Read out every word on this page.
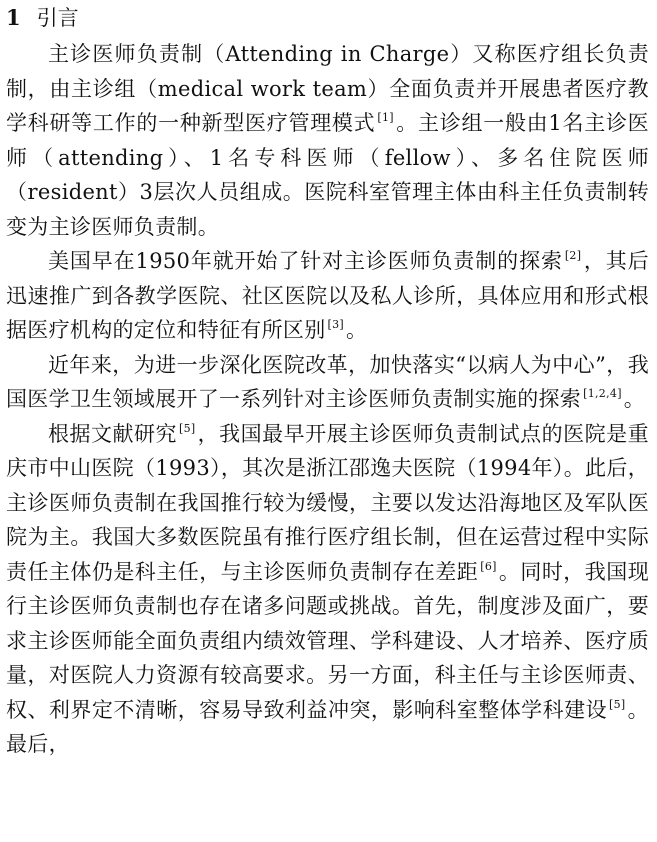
1 引言

主诊医师负责制（Attending in Charge）又称医疗组长负责制，由主诊组（medical work team）全面负责并开展患者医疗教学科研等工作的一种新型医疗管理模式 [1]。主诊组一般由1名主诊医师（attending）、1名专科医师（fellow）、多名住院医师（resident）3层次人员组成。医院科室管理主体由科主任负责制转变为主诊医师负责制。

美国早在1950年就开始了针对主诊医师负责制的探索 [2]，其后迅速推广到各教学医院、社区医院以及私人诊所，具体应用和形式根据医疗机构的定位和特征有所区别 [3]。

近年来，为进一步深化医院改革，加快落实“以病人为中心”，我国医学卫生领域展开了一系列针对主诊医师负责制实施的探索 [1,2,4]。

根据文献研究 [5]，我国最早开展主诊医师负责制试点的医院是重庆市中山医院（1993），其次是浙江邵逸夫医院（1994年）。此后，主诊医师负责制在我国推行较为缓慢，主要以发达沿海地区及军队医院为主。我国大多数医院虽有推行医疗组长制，但在运营过程中实际责任主体仍是科主任，与主诊医师负责制存在差距 [6]。同时，我国现行主诊医师负责制也存在诸多问题或挑战。首先，制度涉及面广，要求主诊医师能全面负责组内绩效管理、学科建设、人才培养、医疗质量，对医院人力资源有较高要求。另一方面，科主任与主诊医师责、权、利界定不清晰，容易导致利益冲突，影响科室整体学科建设 [5]。最后，
